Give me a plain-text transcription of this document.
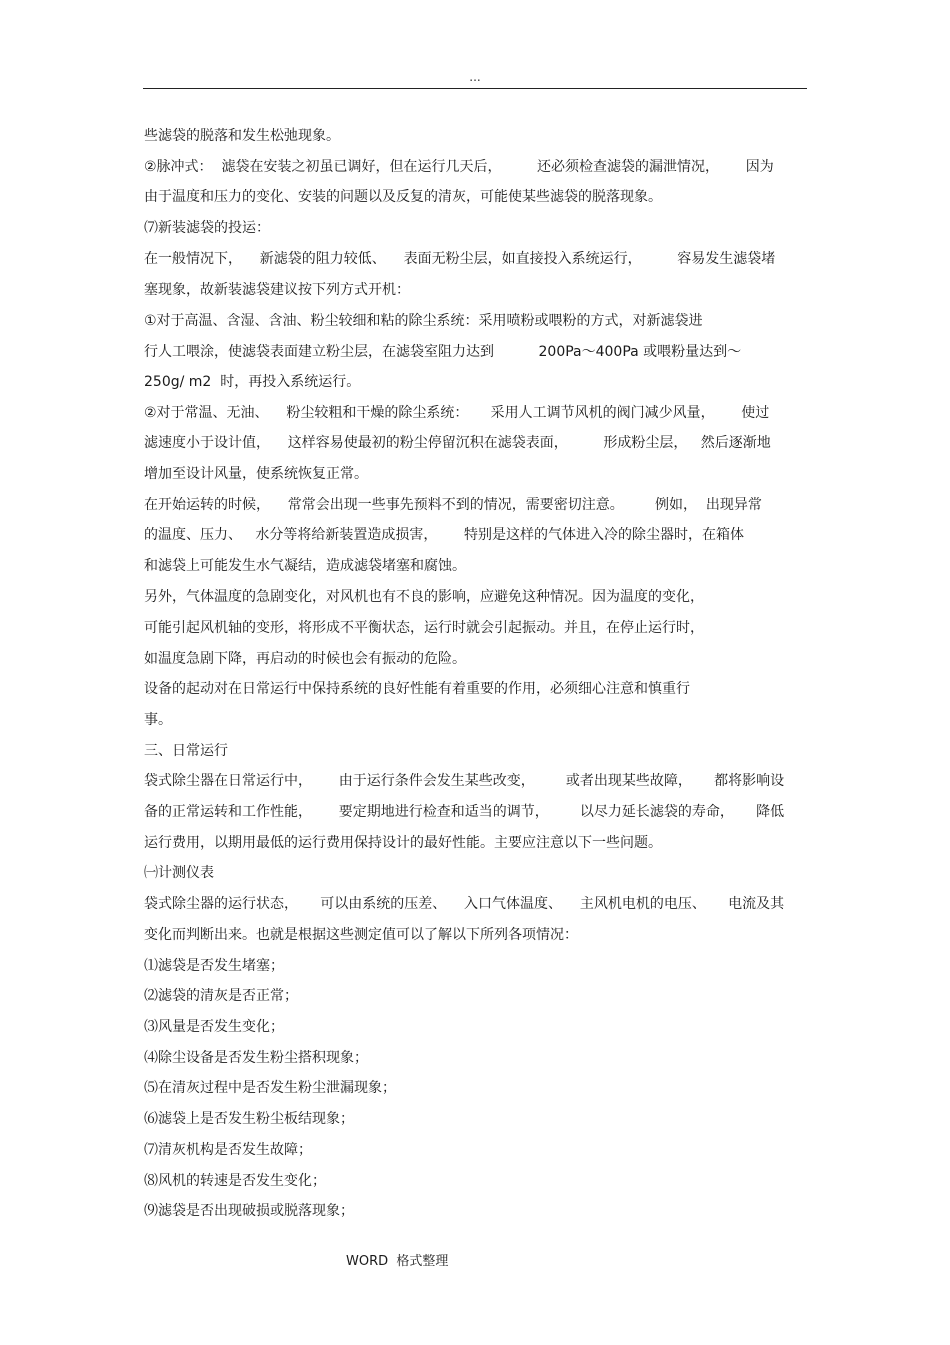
...
些滤袋的脱落和发生松弛现象。
②脉冲式：  滤袋在安装之初虽已调好，但在运行几天后，        还必须检查滤袋的漏泄情况，      因为
由于温度和压力的变化、安装的问题以及反复的清灰，可能使某些滤袋的脱落现象。
⑺新装滤袋的投运：
在一般情况下，    新滤袋的阻力较低、    表面无粉尘层，如直接投入系统运行，        容易发生滤袋堵
塞现象，故新装滤袋建议按下列方式开机：
①对于高温、含湿、含油、粉尘较细和粘的除尘系统：采用喷粉或喂粉的方式，对新滤袋进
行人工喂涂，使滤袋表面建立粉尘层，在滤袋室阻力达到          200Pa～400Pa 或喂粉量达到～
250g/ m2  时，再投入系统运行。
②对于常温、无油、    粉尘较粗和干燥的除尘系统：     采用人工调节风机的阀门减少风量，      使过
滤速度小于设计值，    这样容易使最初的粉尘停留沉积在滤袋表面，        形成粉尘层，   然后逐渐地
增加至设计风量，使系统恢复正常。
在开始运转的时候，    常常会出现一些事先预料不到的情况，需要密切注意。       例如，  出现异常
的温度、压力、   水分等将给新装置造成损害，      特别是这样的气体进入冷的除尘器时，在箱体
和滤袋上可能发生水气凝结，造成滤袋堵塞和腐蚀。
另外，气体温度的急剧变化，对风机也有不良的影响，应避免这种情况。因为温度的变化，
可能引起风机轴的变形，将形成不平衡状态，运行时就会引起振动。并且，在停止运行时，
如温度急剧下降，再启动的时候也会有振动的危险。
设备的起动对在日常运行中保持系统的良好性能有着重要的作用，必须细心注意和慎重行
事。
三、日常运行
袋式除尘器在日常运行中，      由于运行条件会发生某些改变，       或者出现某些故障，     都将影响设
备的正常运转和工作性能，      要定期地进行检查和适当的调节，       以尽力延长滤袋的寿命，     降低
运行费用，以期用最低的运行费用保持设计的最好性能。主要应注意以下一些问题。
㈠计测仪表
袋式除尘器的运行状态，     可以由系统的压差、    入口气体温度、    主风机电机的电压、     电流及其
变化而判断出来。也就是根据这些测定值可以了解以下所列各项情况：
⑴滤袋是否发生堵塞；
⑵滤袋的清灰是否正常；
⑶风量是否发生变化；
⑷除尘设备是否发生粉尘搭积现象；
⑸在清灰过程中是否发生粉尘泄漏现象；
⑹滤袋上是否发生粉尘板结现象；
⑺清灰机构是否发生故障；
⑻风机的转速是否发生变化；
⑼滤袋是否出现破损或脱落现象；
WORD  格式整理
